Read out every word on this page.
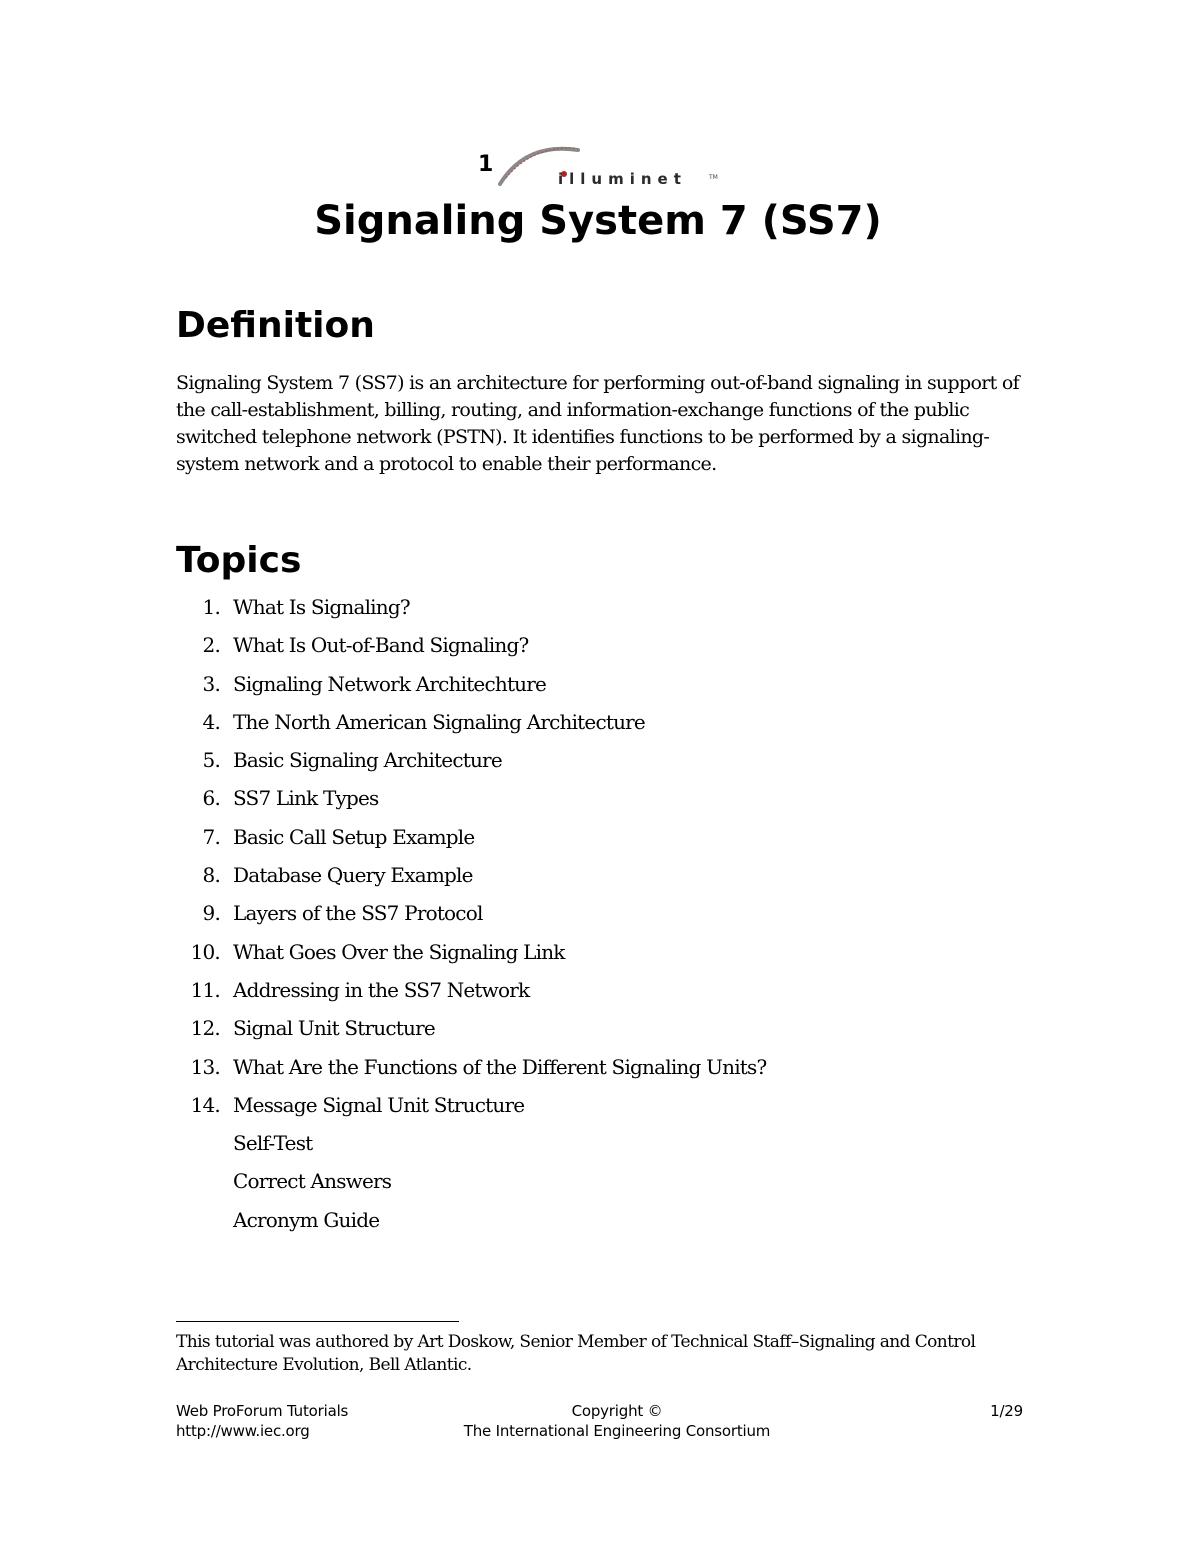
1
illuminet	TM
Signaling System 7 (SS7)
Definition

Signaling System 7 (SS7) is an architecture for performing out-of-band signaling in support of the call-establishment, billing, routing, and information-exchange functions of the public switched telephone network (PSTN). It identifies functions to be performed by a signaling-system network and a protocol to enable their performance.

Topics
1. What Is Signaling?
2. What Is Out-of-Band Signaling?
3. Signaling Network Architechture
4. The North American Signaling Architecture
5. Basic Signaling Architecture
6. SS7 Link Types
7. Basic Call Setup Example
8. Database Query Example
9. Layers of the SS7 Protocol
10. What Goes Over the Signaling Link
11. Addressing in the SS7 Network
12. Signal Unit Structure
13. What Are the Functions of the Different Signaling Units?
14. Message Signal Unit Structure
Self-Test
Correct Answers
Acronym Guide

This tutorial was authored by Art Doskow, Senior Member of Technical Staff–Signaling and Control Architecture Evolution, Bell Atlantic.

Web ProForum Tutorials
http://www.iec.org
Copyright ©
The International Engineering Consortium
1/29
